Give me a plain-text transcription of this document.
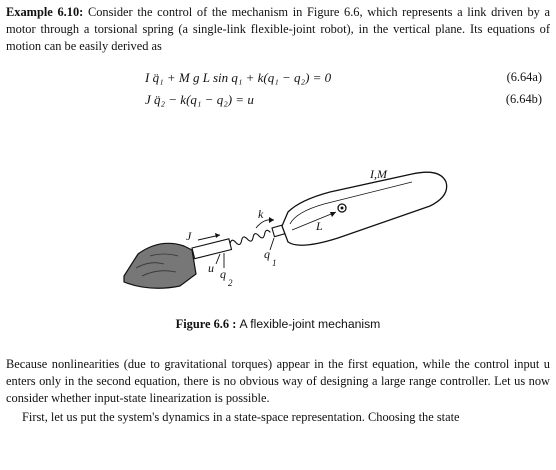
Example 6.10: Consider the control of the mechanism in Figure 6.6, which represents a link driven by a motor through a torsional spring (a single-link flexible-joint robot), in the vertical plane. Its equations of motion can be easily derived as

I q̈₁ + M g L sin q₁ + k(q₁ − q₂) = 0	(6.64a)
J q̈₂ − k(q₁ − q₂) = u	(6.64b)
I,M
L
k
J
u q
2
q
1
Figure 6.6 : A flexible-joint mechanism

Because nonlinearities (due to gravitational torques) appear in the first equation, while the control input u enters only in the second equation, there is no obvious way of designing a large range controller. Let us now consider whether input-state linearization is possible.

First, let us put the system's dynamics in a state-space representation. Choosing the state
